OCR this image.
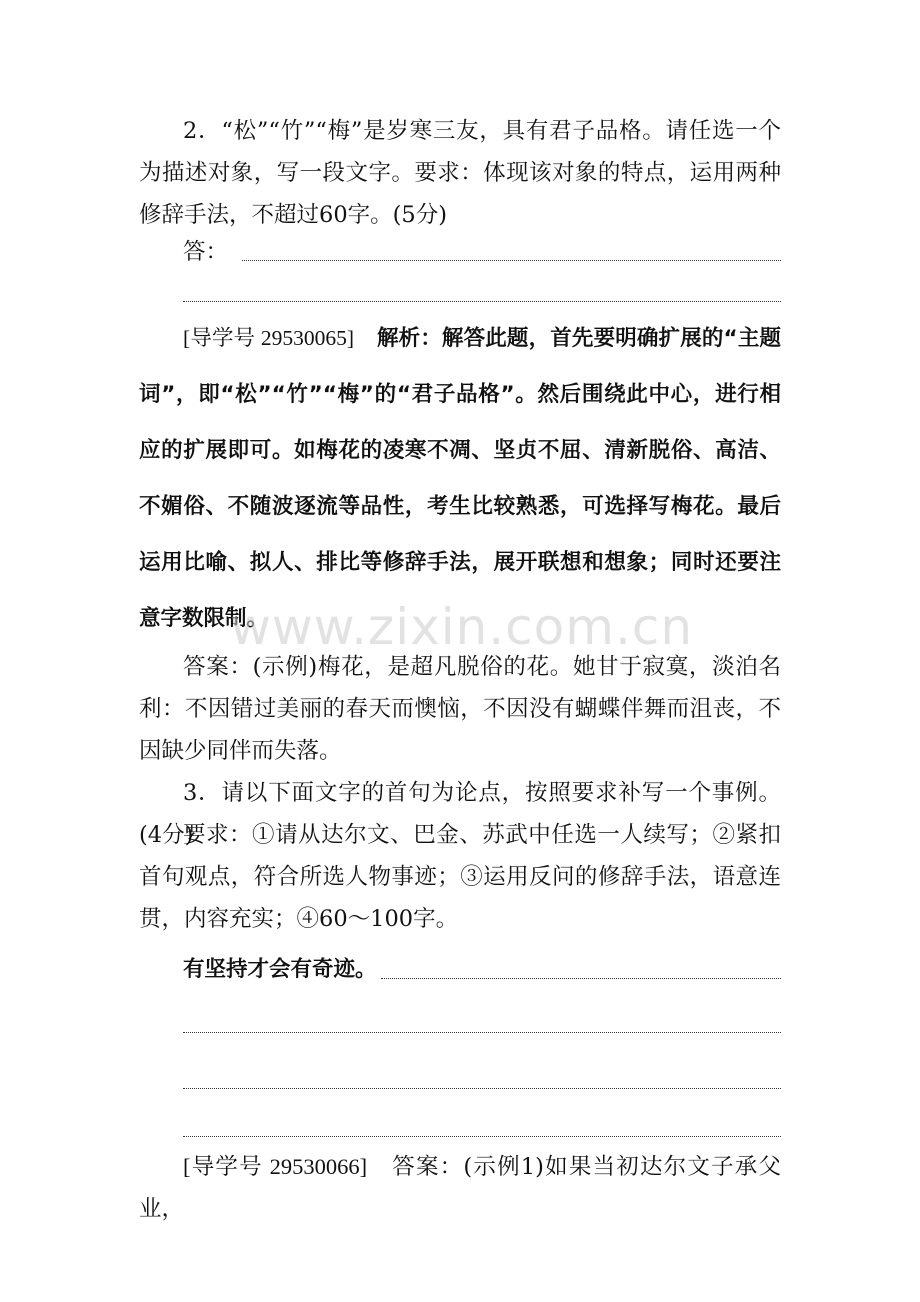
2．“松”“竹”“梅”是岁寒三友，具有君子品格。请任选一个为描述对象，写一段文字。要求：体现该对象的特点，运用两种修辞手法，不超过60字。(5分)

答：

[导学号 29530065] 解析：解答此题，首先要明确扩展的“主题词”，即“松”“竹”“梅”的“君子品格”。然后围绕此中心，进行相应的扩展即可。如梅花的凌寒不凋、坚贞不屈、清新脱俗、高洁、不媚俗、不随波逐流等品性，考生比较熟悉，可选择写梅花。最后运用比喻、拟人、排比等修辞手法，展开联想和想象；同时还要注意字数限制。

www.zixin.com.cn

答案：(示例)梅花，是超凡脱俗的花。她甘于寂寞，淡泊名利：不因错过美丽的春天而懊恼，不因没有蝴蝶伴舞而沮丧，不因缺少同伴而失落。

3．请以下面文字的首句为论点，按照要求补写一个事例。(4分)

要求：①请从达尔文、巴金、苏武中任选一人续写；②紧扣首句观点，符合所选人物事迹；③运用反问的修辞手法，语意连贯，内容充实；④60～100字。

有坚持才会有奇迹。

[导学号 29530066] 答案：(示例1)如果当初达尔文子承父业，
